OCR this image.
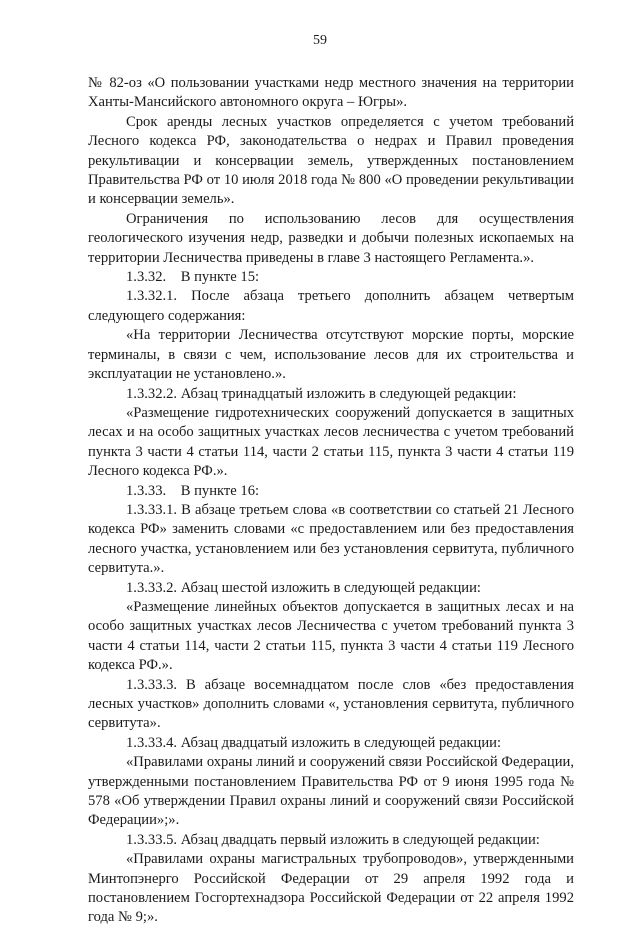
59

№ 82-оз «О пользовании участками недр местного значения на территории Ханты-Мансийского автономного округа – Югры».

Срок аренды лесных участков определяется с учетом требований Лесного кодекса РФ, законодательства о недрах и Правил проведения рекультивации и консервации земель, утвержденных постановлением Правительства РФ от 10 июля 2018 года № 800 «О проведении рекультивации и консервации земель».

Ограничения по использованию лесов для осуществления геологического изучения недр, разведки и добычи полезных ископаемых на территории Лесничества приведены в главе 3 настоящего Регламента.».

1.3.32.    В пункте 15:

1.3.32.1. После абзаца третьего дополнить абзацем четвертым следующего содержания:

«На территории Лесничества отсутствуют морские порты, морские терминалы, в связи с чем, использование лесов для их строительства и эксплуатации не установлено.».

1.3.32.2. Абзац тринадцатый изложить в следующей редакции:

«Размещение гидротехнических сооружений допускается в защитных лесах и на особо защитных участках лесов лесничества с учетом требований пункта 3 части 4 статьи 114, части 2 статьи 115, пункта 3 части 4 статьи 119 Лесного кодекса РФ.».

1.3.33.    В пункте 16:

1.3.33.1. В абзаце третьем слова «в соответствии со статьей 21 Лесного кодекса РФ» заменить словами «с предоставлением или без предоставления лесного участка, установлением или без установления сервитута, публичного сервитута.».

1.3.33.2. Абзац шестой изложить в следующей редакции:

«Размещение линейных объектов допускается в защитных лесах и на особо защитных участках лесов Лесничества с учетом требований пункта 3 части 4 статьи 114, части 2 статьи 115, пункта 3 части 4 статьи 119 Лесного кодекса РФ.».

1.3.33.3. В абзаце восемнадцатом после слов «без предоставления лесных участков» дополнить словами «, установления сервитута, публичного сервитута».

1.3.33.4. Абзац двадцатый изложить в следующей редакции:

«Правилами охраны линий и сооружений связи Российской Федерации, утвержденными постановлением Правительства РФ от 9 июня 1995 года № 578 «Об утверждении Правил охраны линий и сооружений связи Российской Федерации»;».

1.3.33.5. Абзац двадцать первый изложить в следующей редакции:

«Правилами охраны магистральных трубопроводов», утвержденными Минтопэнерго Российской Федерации от 29 апреля 1992 года и постановлением Госгортехнадзора Российской Федерации от 22 апреля 1992 года № 9;».
